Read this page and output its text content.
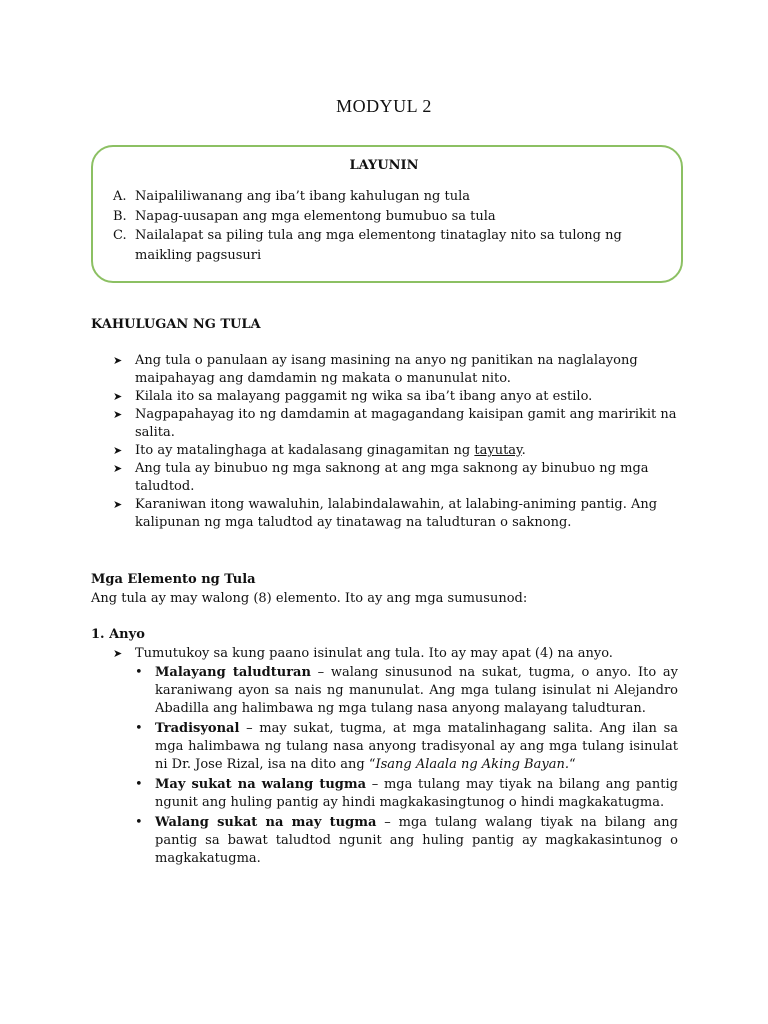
MODYUL 2
LAYUNIN
A. Naipaliliwanang ang iba’t ibang kahulugan ng tula
B. Napag-uusapan ang mga elementong bumubuo sa tula
C. Nailalapat sa piling tula ang mga elementong tinataglay nito sa tulong ng maikling pagsusuri
KAHULUGAN NG TULA
➤ Ang tula o panulaan ay isang masining na anyo ng panitikan na naglalayong maipahayag ang damdamin ng makata o manunulat nito.
➤ Kilala ito sa malayang paggamit ng wika sa iba’t ibang anyo at estilo.
➤ Nagpapahayag ito ng damdamin at magagandang kaisipan gamit ang maririkit na salita.
➤ Ito ay matalinghaga at kadalasang ginagamitan ng tayutay.
➤ Ang tula ay binubuo ng mga saknong at ang mga saknong ay binubuo ng mga taludtod.
➤ Karaniwan itong wawaluhin, lalabindalawahin, at lalabing-animing pantig. Ang kalipunan ng mga taludtod ay tinatawag na taludturan o saknong.
Mga Elemento ng Tula
Ang tula ay may walong (8) elemento. Ito ay ang mga sumusunod:
1. Anyo
➤ Tumutukoy sa kung paano isinulat ang tula. Ito ay may apat (4) na anyo.
• Malayang taludturan – walang sinusunod na sukat, tugma, o anyo. Ito ay karaniwang ayon sa nais ng manunulat. Ang mga tulang isinulat ni Alejandro Abadilla ang halimbawa ng mga tulang nasa anyong malayang taludturan.
• Tradisyonal – may sukat, tugma, at mga matalinhagang salita. Ang ilan sa mga halimbawa ng tulang nasa anyong tradisyonal ay ang mga tulang isinulat ni Dr. Jose Rizal, isa na dito ang “Isang Alaala ng Aking Bayan.“
• May sukat na walang tugma – mga tulang may tiyak na bilang ang pantig ngunit ang huling pantig ay hindi magkakasingtunog o hindi magkakatugma.
• Walang sukat na may tugma – mga tulang walang tiyak na bilang ang pantig sa bawat taludtod ngunit ang huling pantig ay magkakasintunog o magkakatugma.
